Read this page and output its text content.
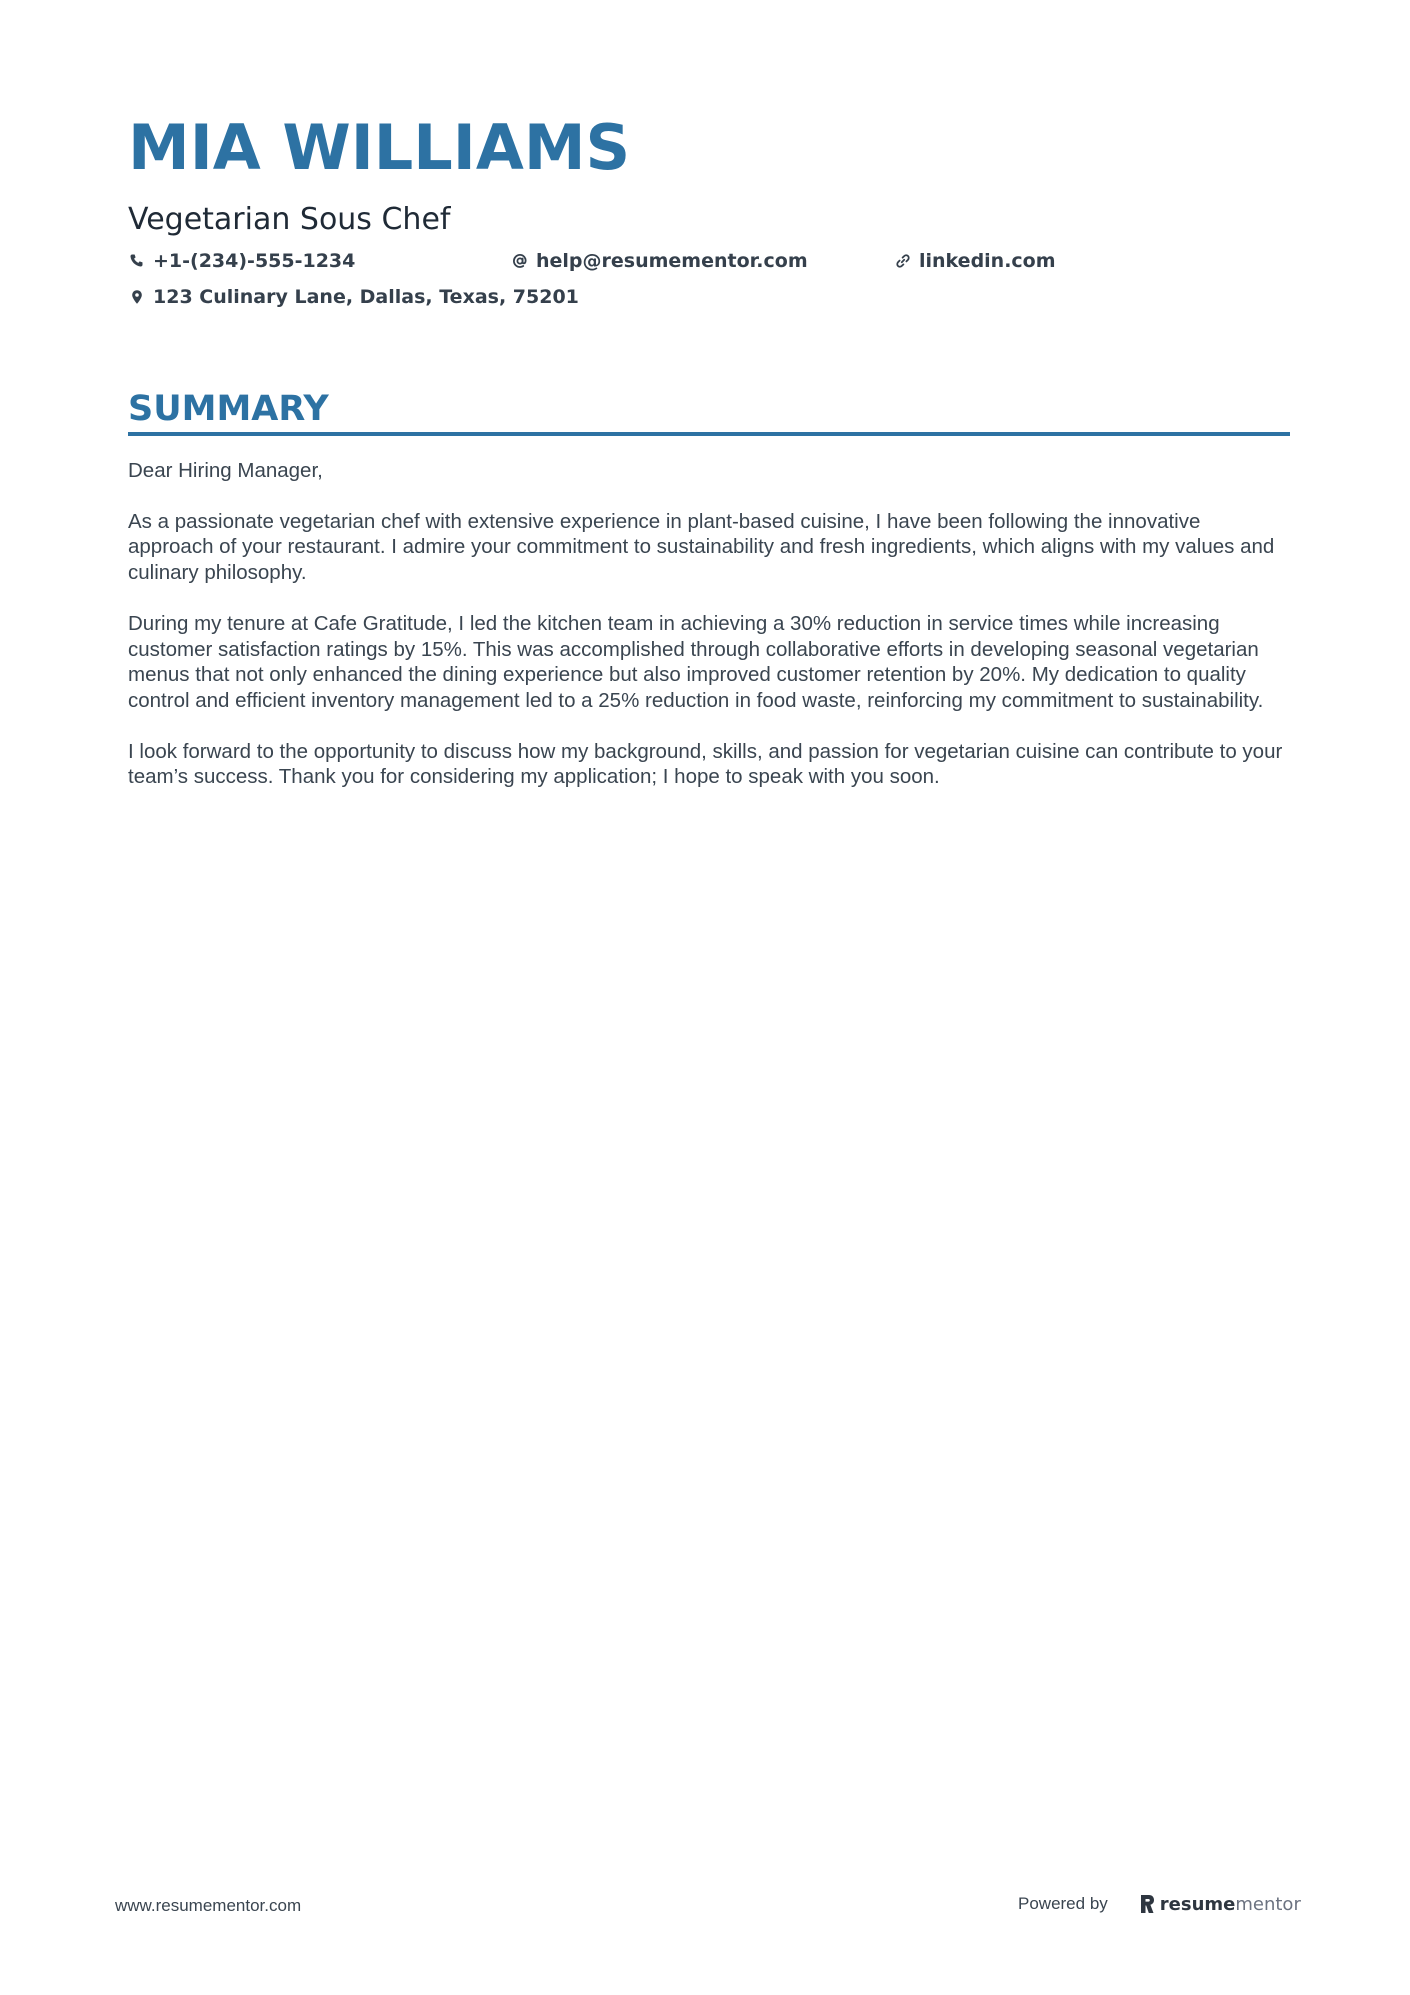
MIA WILLIAMS
Vegetarian Sous Chef
+1-(234)-555-1234	help@resumementor.com	linkedin.com
123 Culinary Lane, Dallas, Texas, 75201
SUMMARY

Dear Hiring Manager,

As a passionate vegetarian chef with extensive experience in plant-based cuisine, I have been following the innovative approach of your restaurant. I admire your commitment to sustainability and fresh ingredients, which aligns with my values and culinary philosophy.

During my tenure at Cafe Gratitude, I led the kitchen team in achieving a 30% reduction in service times while increasing customer satisfaction ratings by 15%. This was accomplished through collaborative efforts in developing seasonal vegetarian menus that not only enhanced the dining experience but also improved customer retention by 20%. My dedication to quality control and efficient inventory management led to a 25% reduction in food waste, reinforcing my commitment to sustainability.

I look forward to the opportunity to discuss how my background, skills, and passion for vegetarian cuisine can contribute to your team’s success. Thank you for considering my application; I hope to speak with you soon.

www.resumementor.com	Powered by	resume mentor
